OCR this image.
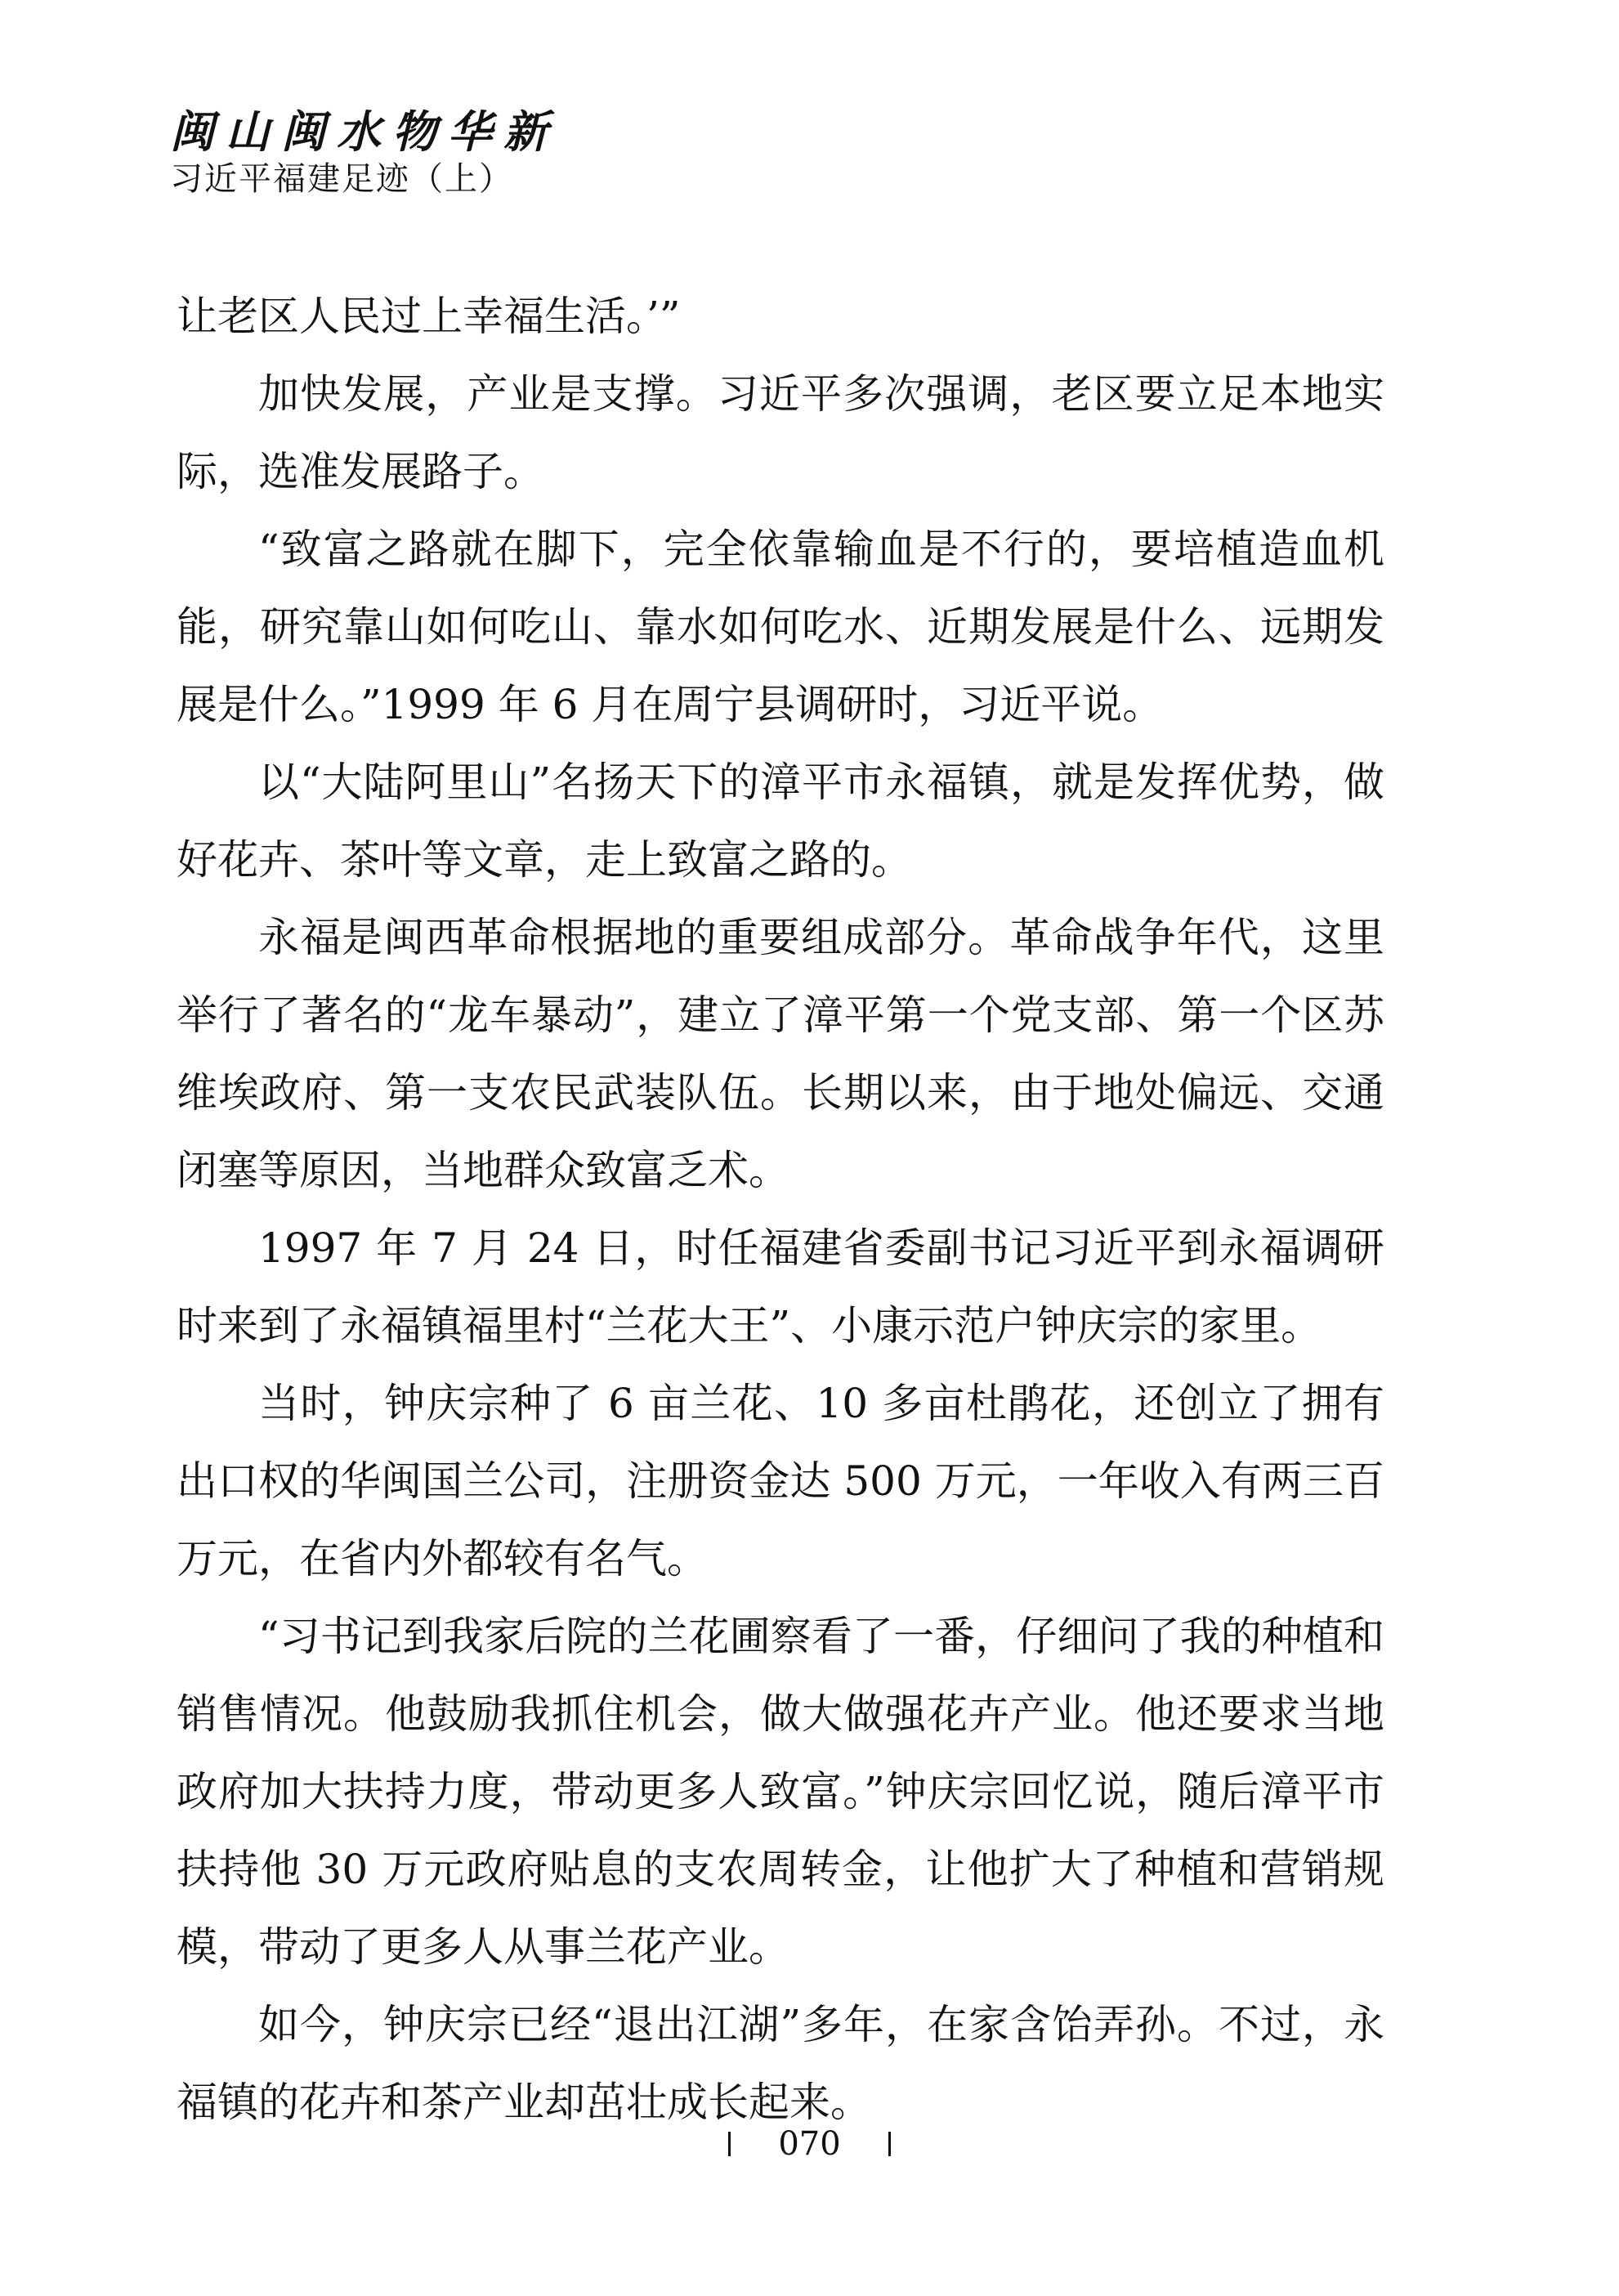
闽山闽水物华新
习近平福建足迹（上）

让老区人民过上幸福生活。’”

加快发展，产业是支撑。习近平多次强调，老区要立足本地实际，选准发展路子。

“致富之路就在脚下，完全依靠输血是不行的，要培植造血机能，研究靠山如何吃山、靠水如何吃水、近期发展是什么、远期发展是什么。”1999 年 6 月在周宁县调研时，习近平说。

以“大陆阿里山”名扬天下的漳平市永福镇，就是发挥优势，做好花卉、茶叶等文章，走上致富之路的。

永福是闽西革命根据地的重要组成部分。革命战争年代，这里举行了著名的“龙车暴动”，建立了漳平第一个党支部、第一个区苏维埃政府、第一支农民武装队伍。长期以来，由于地处偏远、交通闭塞等原因，当地群众致富乏术。

1997 年 7 月 24 日，时任福建省委副书记习近平到永福调研时来到了永福镇福里村“兰花大王”、小康示范户钟庆宗的家里。

当时，钟庆宗种了 6 亩兰花、10 多亩杜鹃花，还创立了拥有出口权的华闽国兰公司，注册资金达 500 万元，一年收入有两三百万元，在省内外都较有名气。

“习书记到我家后院的兰花圃察看了一番，仔细问了我的种植和销售情况。他鼓励我抓住机会，做大做强花卉产业。他还要求当地政府加大扶持力度，带动更多人致富。”钟庆宗回忆说，随后漳平市扶持他 30 万元政府贴息的支农周转金，让他扩大了种植和营销规模，带动了更多人从事兰花产业。

如今，钟庆宗已经“退出江湖”多年，在家含饴弄孙。不过，永福镇的花卉和茶产业却茁壮成长起来。

070
